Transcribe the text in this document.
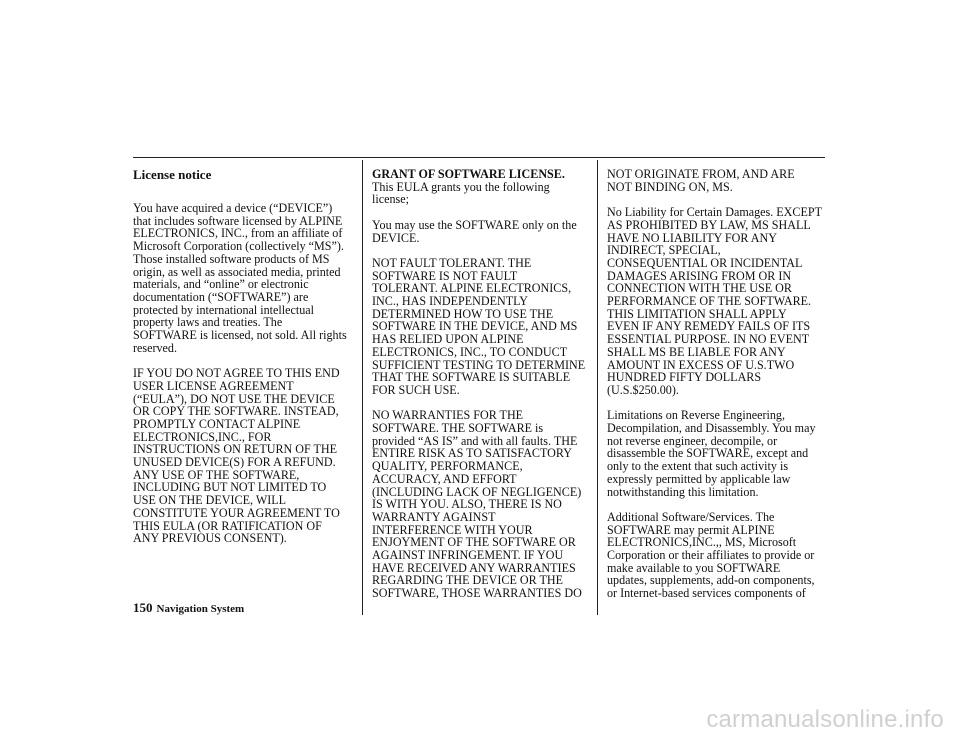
License notice

You have acquired a device (“DEVICE”)
that includes software licensed by ALPINE
ELECTRONICS, INC., from an affiliate of
Microsoft Corporation (collectively “MS”).
Those installed software products of MS
origin, as well as associated media, printed
materials, and “online” or electronic
documentation (“SOFTWARE”) are
protected by international intellectual
property laws and treaties. The
SOFTWARE is licensed, not sold. All rights
reserved.

IF YOU DO NOT AGREE TO THIS END
USER LICENSE AGREEMENT
(“EULA”), DO NOT USE THE DEVICE
OR COPY THE SOFTWARE. INSTEAD,
PROMPTLY CONTACT ALPINE
ELECTRONICS,INC., FOR
INSTRUCTIONS ON RETURN OF THE
UNUSED DEVICE(S) FOR A REFUND.
ANY USE OF THE SOFTWARE,
INCLUDING BUT NOT LIMITED TO
USE ON THE DEVICE, WILL
CONSTITUTE YOUR AGREEMENT TO
THIS EULA (OR RATIFICATION OF
ANY PREVIOUS CONSENT).

GRANT OF SOFTWARE LICENSE.

This EULA grants you the following
license;

You may use the SOFTWARE only on the
DEVICE.

NOT FAULT TOLERANT. THE
SOFTWARE IS NOT FAULT
TOLERANT. ALPINE ELECTRONICS,
INC., HAS INDEPENDENTLY
DETERMINED HOW TO USE THE
SOFTWARE IN THE DEVICE, AND MS
HAS RELIED UPON ALPINE
ELECTRONICS, INC., TO CONDUCT
SUFFICIENT TESTING TO DETERMINE
THAT THE SOFTWARE IS SUITABLE
FOR SUCH USE.

NO WARRANTIES FOR THE
SOFTWARE. THE SOFTWARE is
provided “AS IS” and with all faults. THE
ENTIRE RISK AS TO SATISFACTORY
QUALITY, PERFORMANCE,
ACCURACY, AND EFFORT
(INCLUDING LACK OF NEGLIGENCE)
IS WITH YOU. ALSO, THERE IS NO
WARRANTY AGAINST
INTERFERENCE WITH YOUR
ENJOYMENT OF THE SOFTWARE OR
AGAINST INFRINGEMENT. IF YOU
HAVE RECEIVED ANY WARRANTIES
REGARDING THE DEVICE OR THE
SOFTWARE, THOSE WARRANTIES DO

NOT ORIGINATE FROM, AND ARE
NOT BINDING ON, MS.

No Liability for Certain Damages. EXCEPT
AS PROHIBITED BY LAW, MS SHALL
HAVE NO LIABILITY FOR ANY
INDIRECT, SPECIAL,
CONSEQUENTIAL OR INCIDENTAL
DAMAGES ARISING FROM OR IN
CONNECTION WITH THE USE OR
PERFORMANCE OF THE SOFTWARE.
THIS LIMITATION SHALL APPLY
EVEN IF ANY REMEDY FAILS OF ITS
ESSENTIAL PURPOSE. IN NO EVENT
SHALL MS BE LIABLE FOR ANY
AMOUNT IN EXCESS OF U.S.TWO
HUNDRED FIFTY DOLLARS
(U.S.$250.00).

Limitations on Reverse Engineering,
Decompilation, and Disassembly. You may
not reverse engineer, decompile, or
disassemble the SOFTWARE, except and
only to the extent that such activity is
expressly permitted by applicable law
notwithstanding this limitation.

Additional Software/Services. The
SOFTWARE may permit ALPINE
ELECTRONICS,INC.,, MS, Microsoft
Corporation or their affiliates to provide or
make available to you SOFTWARE
updates, supplements, add-on components,
or Internet-based services components of

150 Navigation System
carmanualsonline.info
